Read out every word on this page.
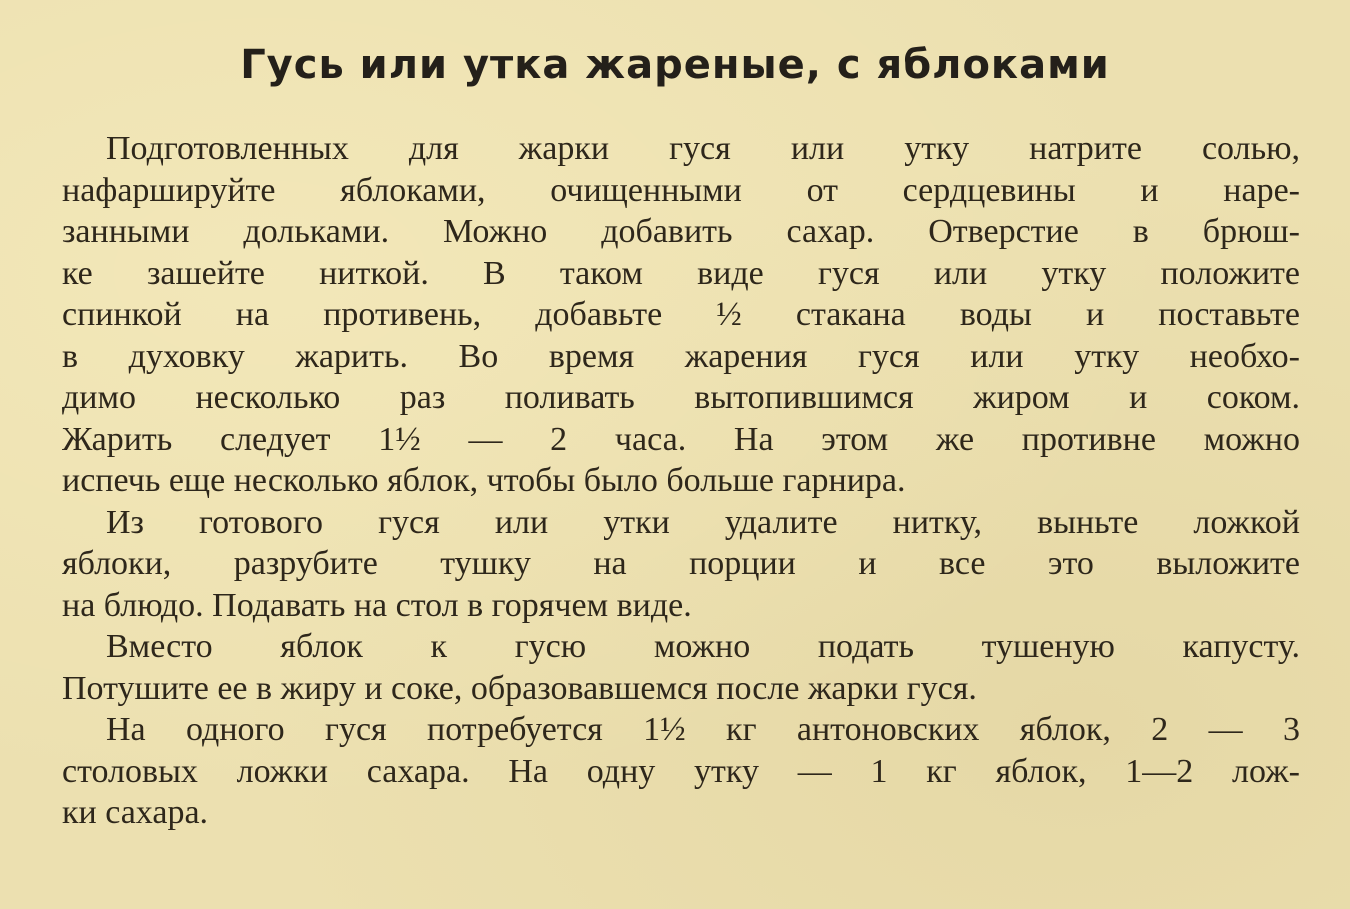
Гусь или утка жареные, с яблоками

Подготовленных для жарки гуся или утку натрите солью,
нафаршируйте яблоками, очищенными от сердцевины и наре-
занными дольками. Можно добавить сахар. Отверстие в брюш-
ке зашейте ниткой. В таком виде гуся или утку положите
спинкой на противень, добавьте ½ стакана воды и поставьте
в духовку жарить. Во время жарения гуся или утку необхо-
димо несколько раз поливать вытопившимся жиром и соком.
Жарить следует 1½ — 2 часа. На этом же противне можно
испечь еще несколько яблок, чтобы было больше гарнира.

Из готового гуся или утки удалите нитку, выньте ложкой
яблоки, разрубите тушку на порции и все это выложите
на блюдо. Подавать на стол в горячем виде.

Вместо яблок к гусю можно подать тушеную капусту.
Потушите ее в жиру и соке, образовавшемся после жарки гуся.

На одного гуся потребуется 1½ кг антоновских яблок, 2 — 3
столовых ложки сахара. На одну утку — 1 кг яблок, 1—2 лож-
ки сахара.
